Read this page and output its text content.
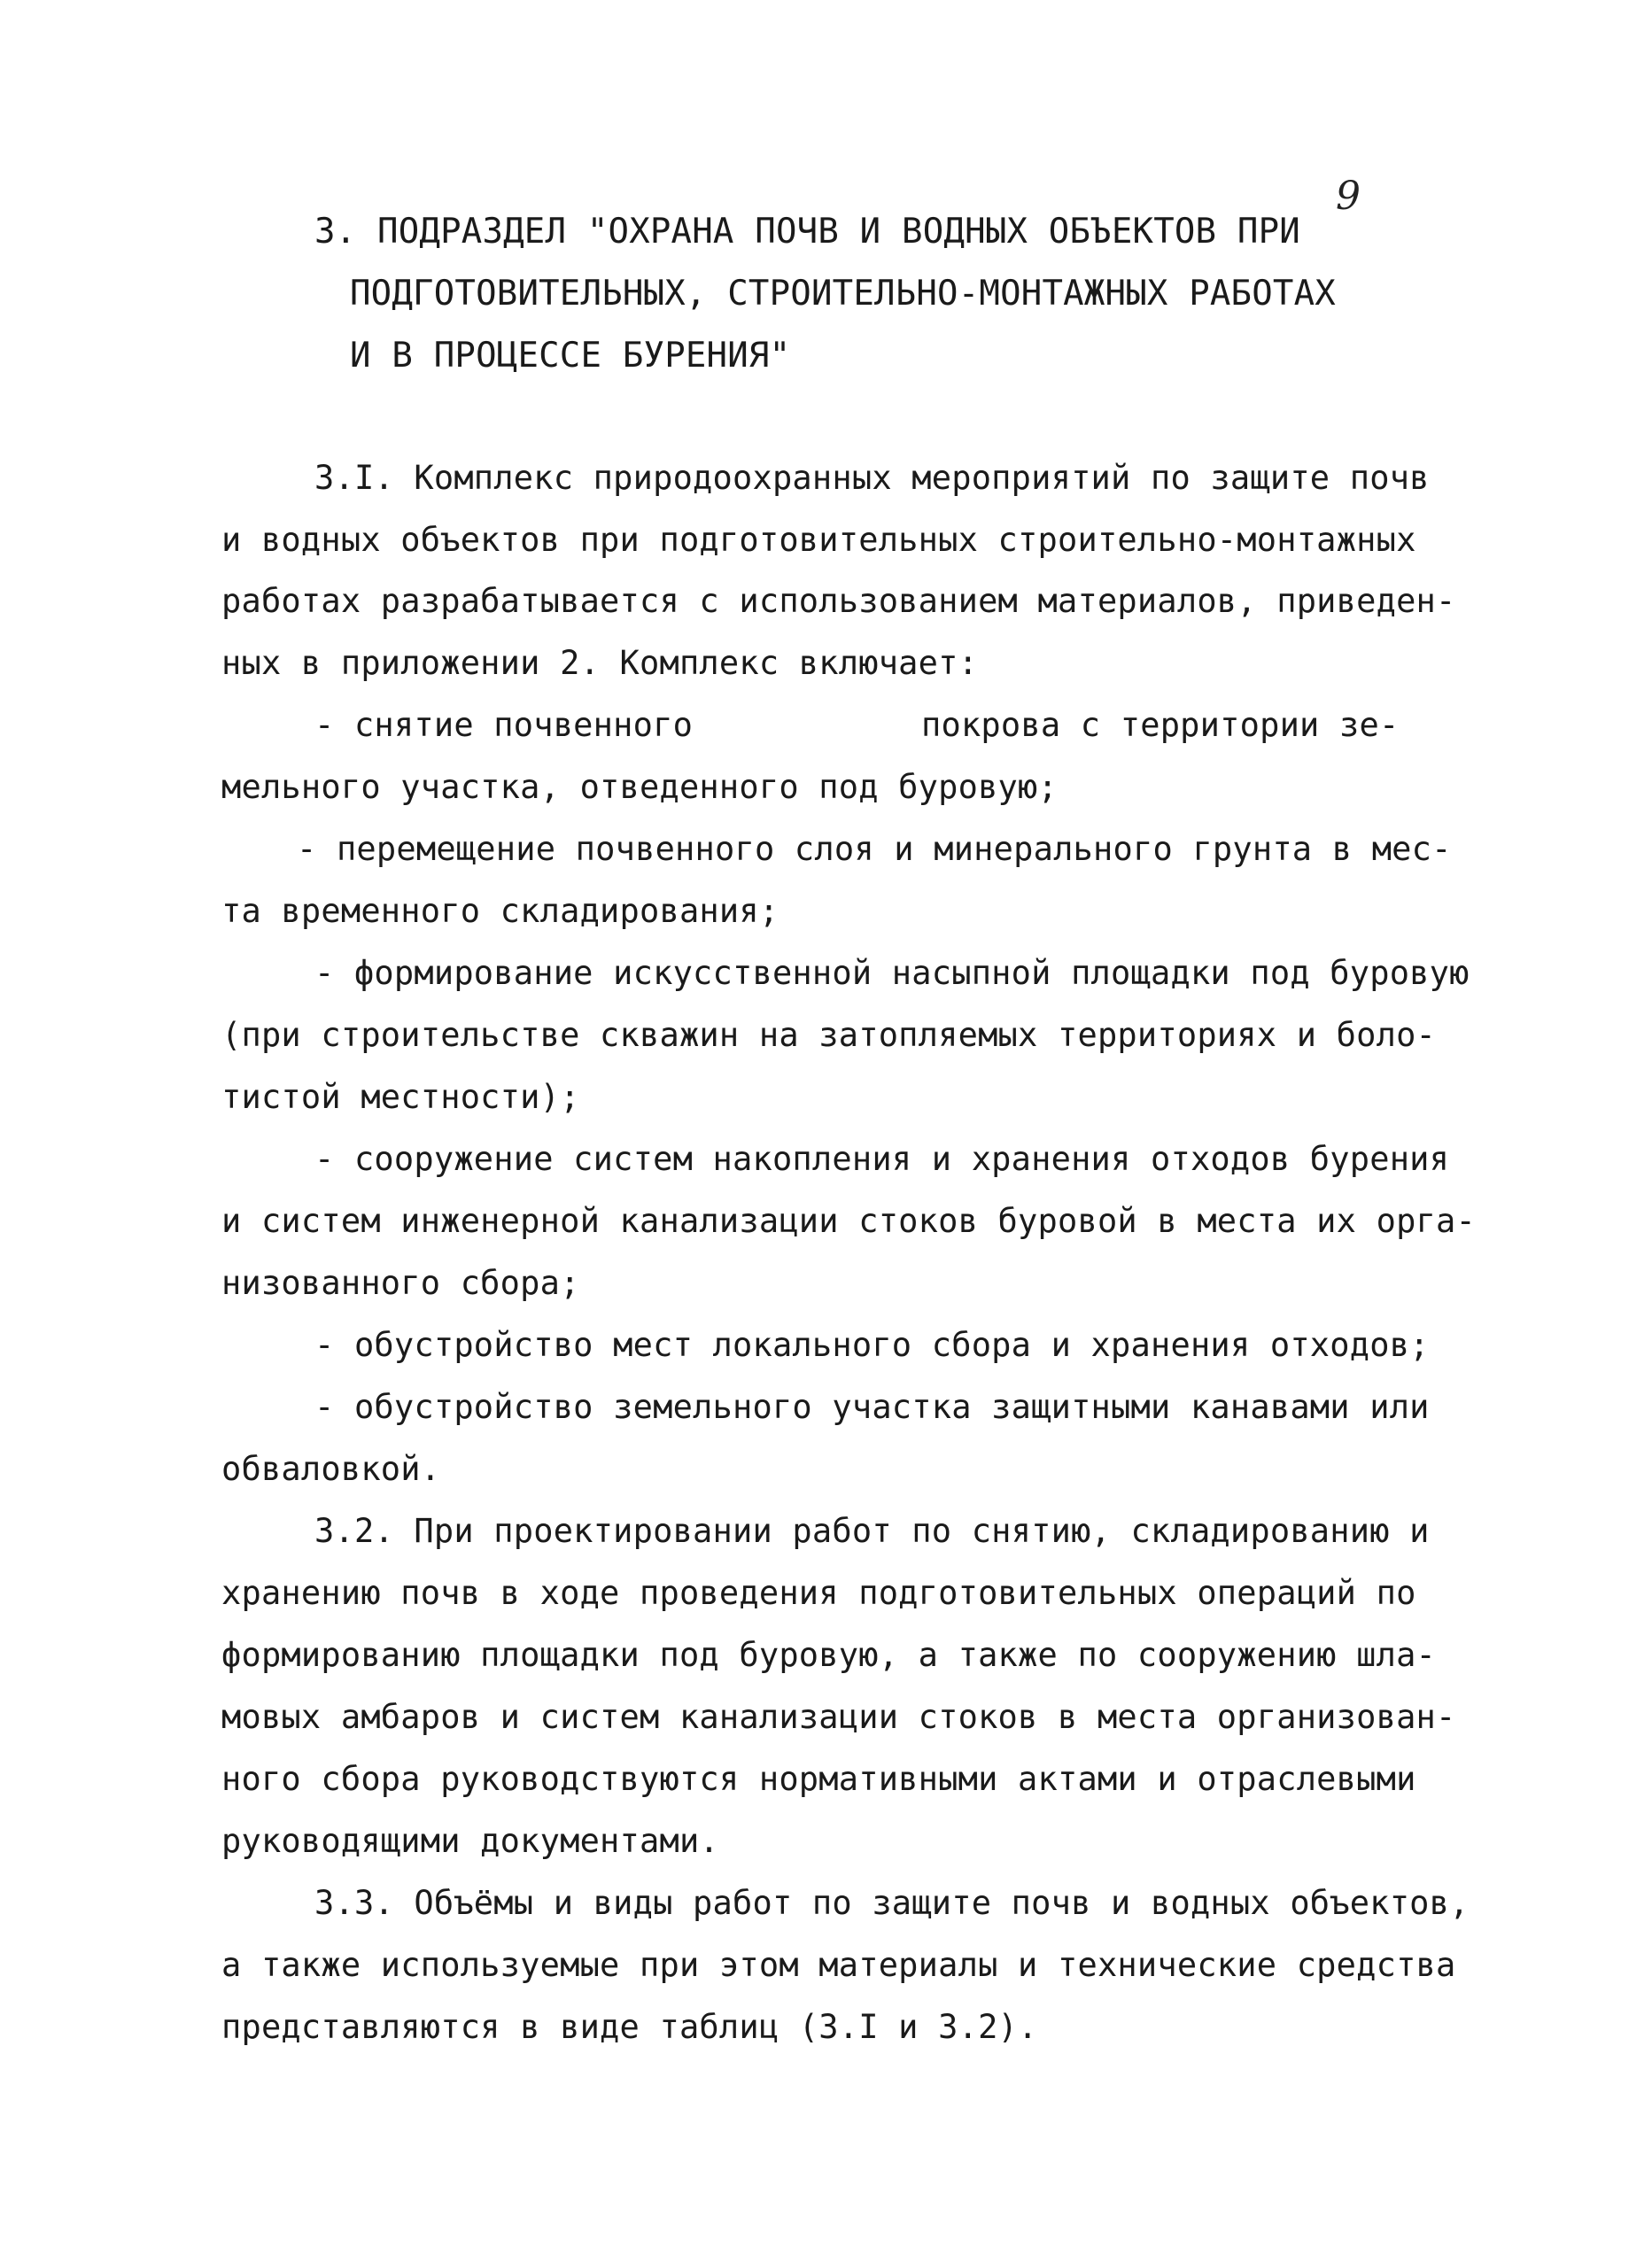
9
3. ПОДРАЗДЕЛ "ОХРАНА ПОЧВ И ВОДНЫХ ОБЪЕКТОВ ПРИ
ПОДГОТОВИТЕЛЬНЫХ, СТРОИТЕЛЬНО-МОНТАЖНЫХ РАБОТАХ
И В ПРОЦЕССЕ БУРЕНИЯ"
3.I. Комплекс природоохранных мероприятий по защите почв
и водных объектов при подготовительных строительно-монтажных
работах разрабатывается с использованием материалов, приведен-
ных в приложении 2. Комплекс включает:
- снятие почвенного	покрова с территории зе-
мельного участка, отведенного под буровую;
- перемещение почвенного слоя и минерального грунта в мес-
та временного складирования;
- формирование искусственной насыпной площадки под буровую
(при строительстве скважин на затопляемых территориях и боло-
тистой местности);
- сооружение систем накопления и хранения отходов бурения
и систем инженерной канализации стоков буровой в места их орга-
низованного сбора;
- обустройство мест локального сбора и хранения отходов;
- обустройство земельного участка защитными канавами или
обваловкой.
3.2. При проектировании работ по снятию, складированию и
хранению почв в ходе проведения подготовительных операций по
формированию площадки под буровую, а также по сооружению шла-
мовых амбаров и систем канализации стоков в места организован-
ного сбора руководствуются нормативными актами и отраслевыми
руководящими документами.
3.3. Объёмы и виды работ по защите почв и водных объектов,
а также используемые при этом материалы и технические средства
представляются в виде таблиц (3.I и 3.2).
